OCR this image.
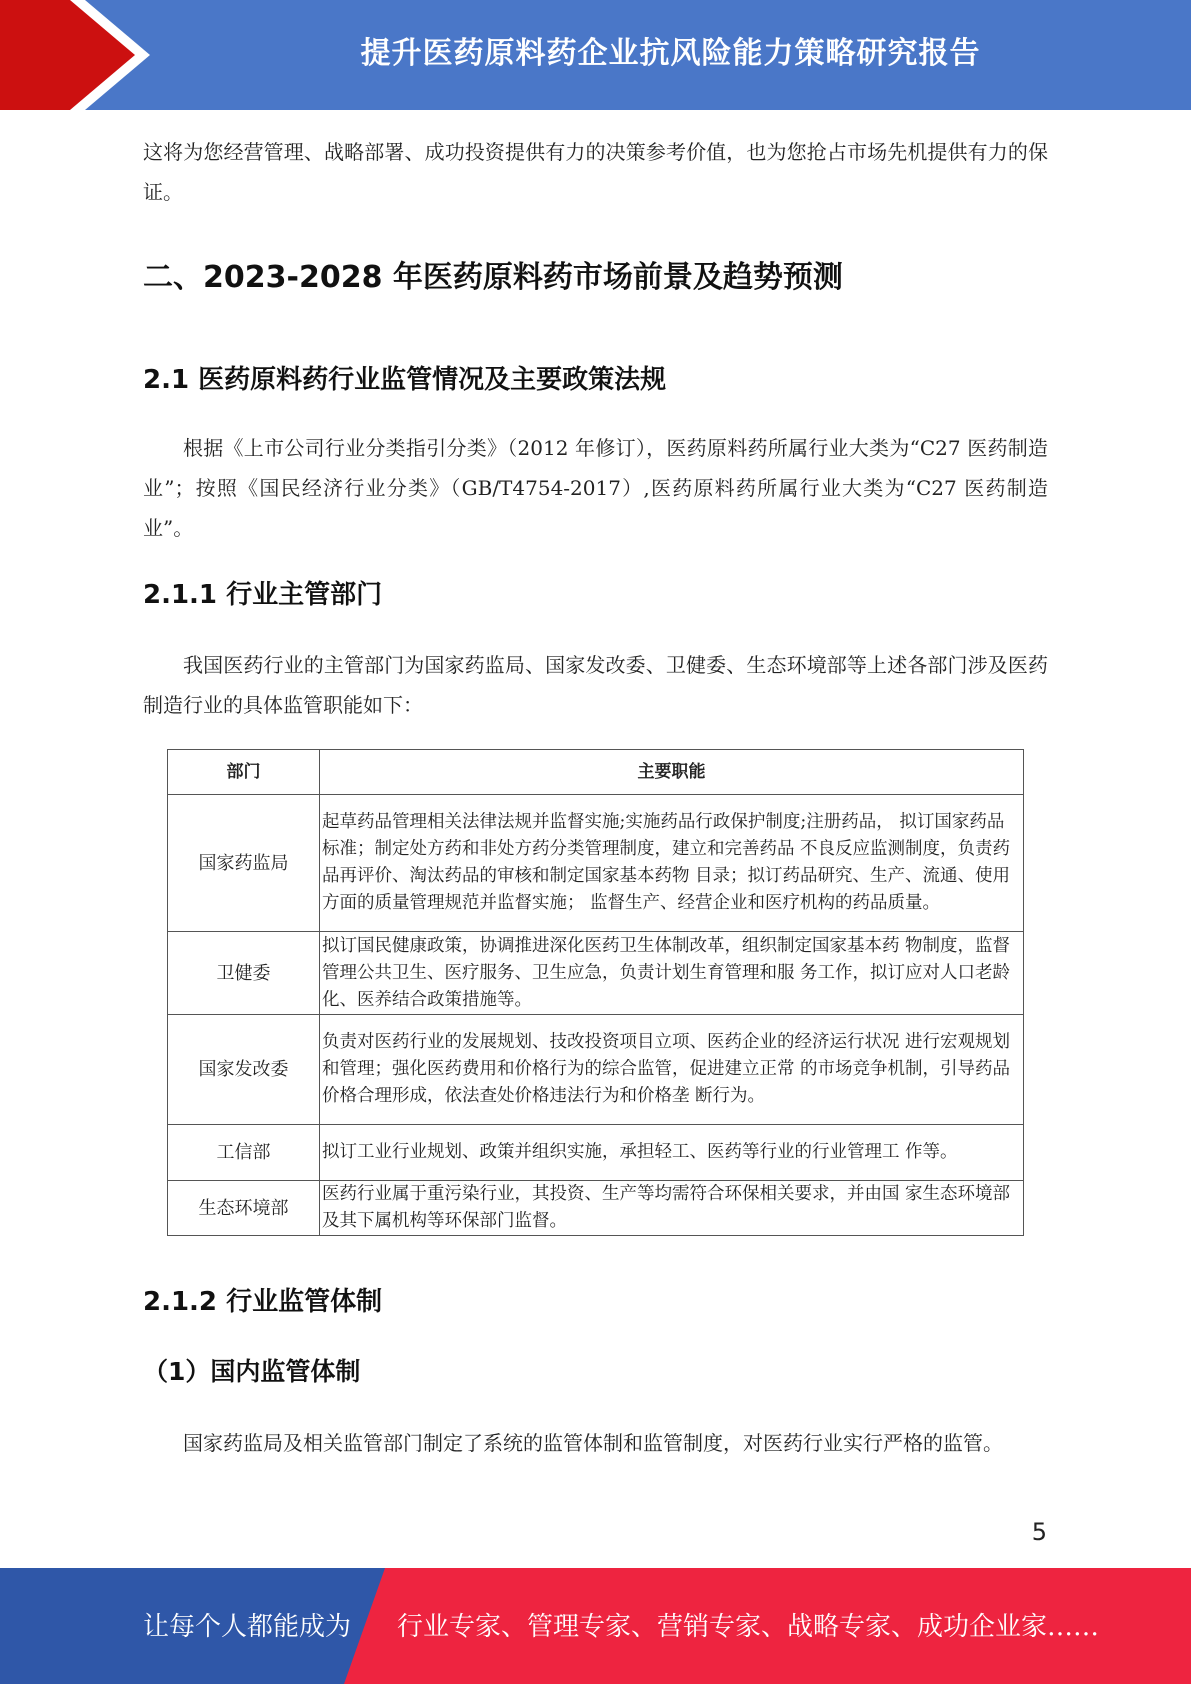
提升医药原料药企业抗风险能力策略研究报告

这将为您经营管理、战略部署、成功投资提供有力的决策参考价值，也为您抢占市场先机提供有力的保证。

二、2023-2028 年医药原料药市场前景及趋势预测
2.1 医药原料药行业监管情况及主要政策法规

根据《上市公司行业分类指引分类》（2012 年修订），医药原料药所属行业大类为“C27 医药制造业”；按照《国民经济行业分类》（GB/T4754-2017）,医药原料药所属行业大类为“C27 医药制造业”。

2.1.1 行业主管部门

我国医药行业的主管部门为国家药监局、国家发改委、卫健委、生态环境部等上述各部门涉及医药制造行业的具体监管职能如下：

部门	主要职能
国家药监局	起草药品管理相关法律法规并监督实施;实施药品行政保护制度;注册药品， 拟订国家药品标准；制定处方药和非处方药分类管理制度，建立和完善药品 不良反应监测制度，负责药品再评价、淘汰药品的审核和制定国家基本药物 目录；拟订药品研究、生产、流通、使用方面的质量管理规范并监督实施； 监督生产、经营企业和医疗机构的药品质量。
卫健委	拟订国民健康政策，协调推进深化医药卫生体制改革，组织制定国家基本药 物制度，监督管理公共卫生、医疗服务、卫生应急，负责计划生育管理和服 务工作，拟订应对人口老龄化、医养结合政策措施等。
国家发改委	负责对医药行业的发展规划、技改投资项目立项、医药企业的经济运行状况 进行宏观规划和管理；强化医药费用和价格行为的综合监管，促进建立正常 的市场竞争机制，引导药品价格合理形成，依法查处价格违法行为和价格垄 断行为。
工信部	拟订工业行业规划、政策并组织实施，承担轻工、医药等行业的行业管理工 作等。
生态环境部	医药行业属于重污染行业，其投资、生产等均需符合环保相关要求，并由国 家生态环境部及其下属机构等环保部门监督。
2.1.2 行业监管体制
（1）国内监管体制

国家药监局及相关监管部门制定了系统的监管体制和监管制度，对医药行业实行严格的监管。

5
让每个人都能成为 行业专家、管理专家、营销专家、战略专家、成功企业家……
